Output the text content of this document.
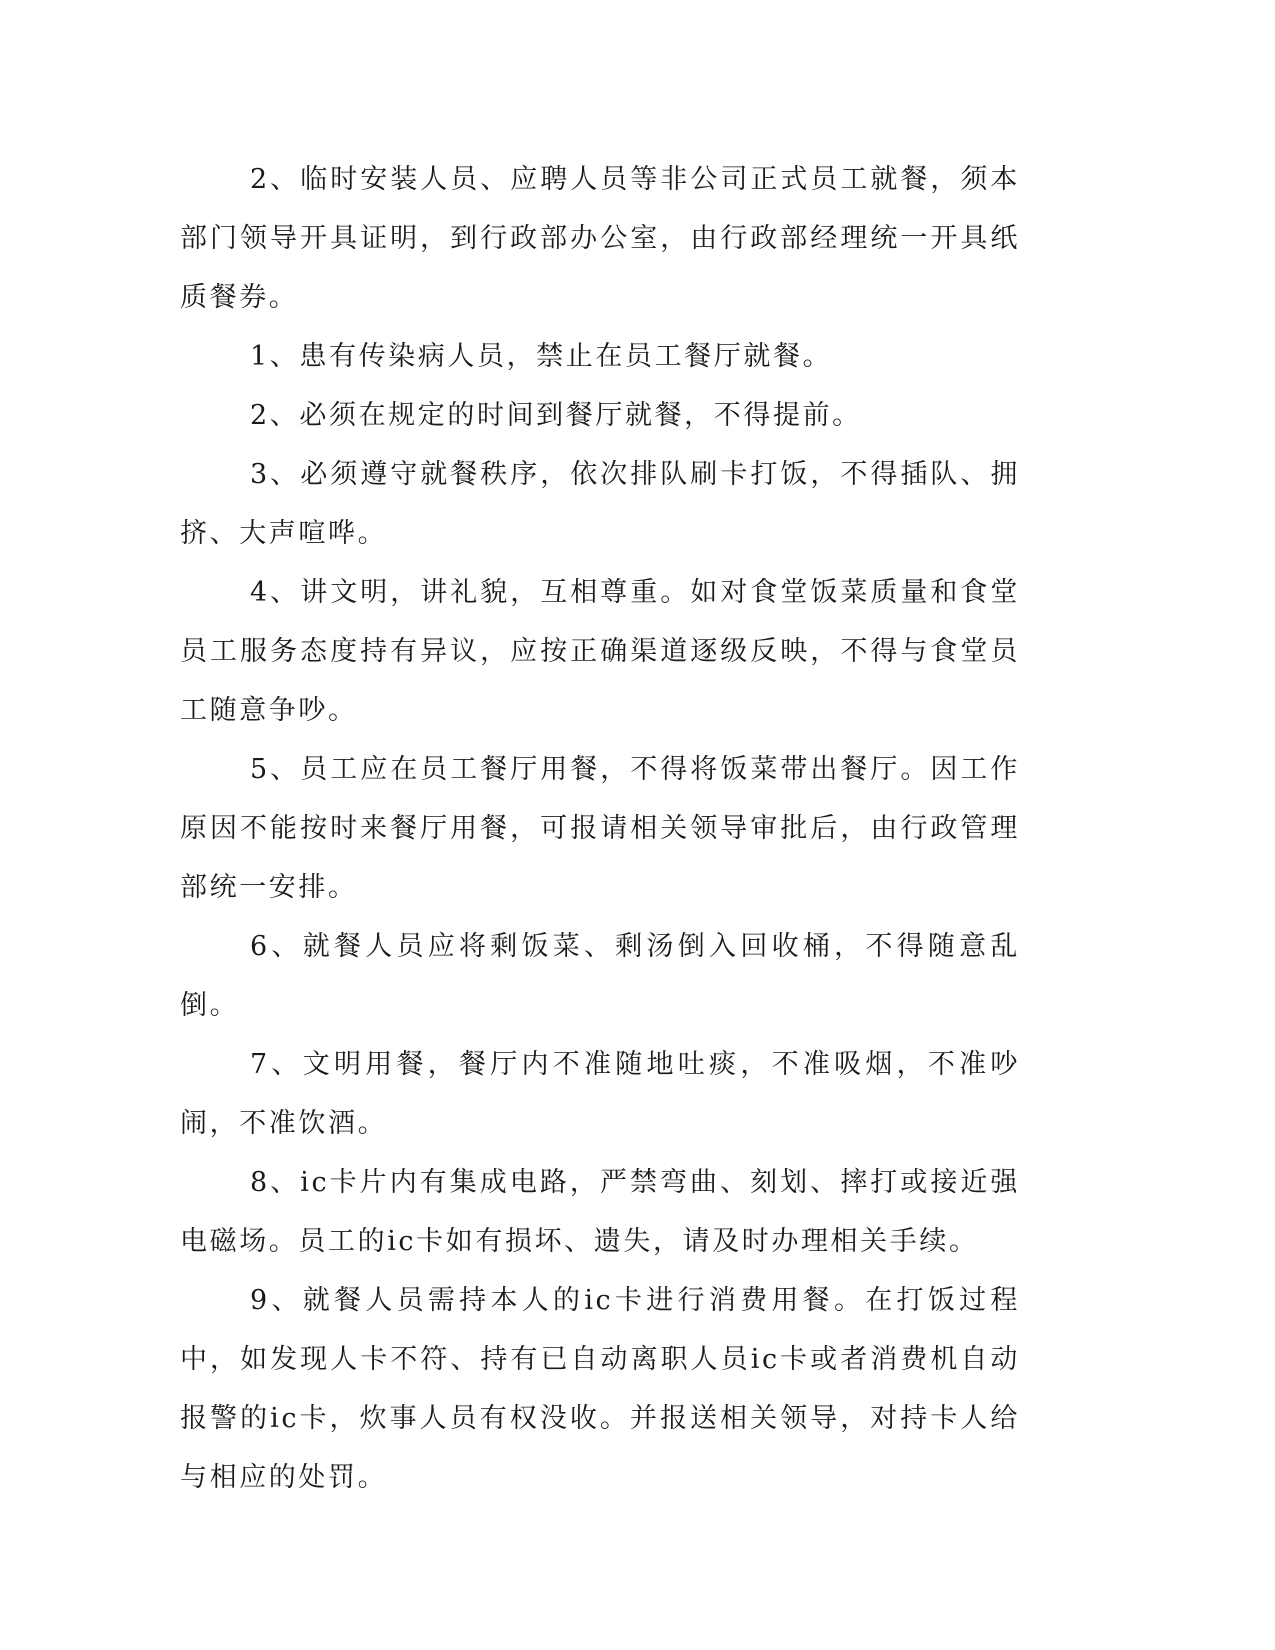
2、临时安装人员、应聘人员等非公司正式员工就餐，须本部门领导开具证明，到行政部办公室，由行政部经理统一开具纸质餐券。

1、患有传染病人员，禁止在员工餐厅就餐。

2、必须在规定的时间到餐厅就餐，不得提前。

3、必须遵守就餐秩序，依次排队刷卡打饭，不得插队、拥挤、大声喧哗。

4、讲文明，讲礼貌，互相尊重。如对食堂饭菜质量和食堂员工服务态度持有异议，应按正确渠道逐级反映，不得与食堂员工随意争吵。

5、员工应在员工餐厅用餐，不得将饭菜带出餐厅。因工作原因不能按时来餐厅用餐，可报请相关领导审批后，由行政管理部统一安排。

6、就餐人员应将剩饭菜、剩汤倒入回收桶，不得随意乱倒。

7、文明用餐，餐厅内不准随地吐痰，不准吸烟，不准吵闹，不准饮酒。

8、ic卡片内有集成电路，严禁弯曲、刻划、摔打或接近强电磁场。员工的ic卡如有损坏、遗失，请及时办理相关手续。

9、就餐人员需持本人的ic卡进行消费用餐。在打饭过程中，如发现人卡不符、持有已自动离职人员ic卡或者消费机自动报警的ic卡，炊事人员有权没收。并报送相关领导，对持卡人给与相应的处罚。
